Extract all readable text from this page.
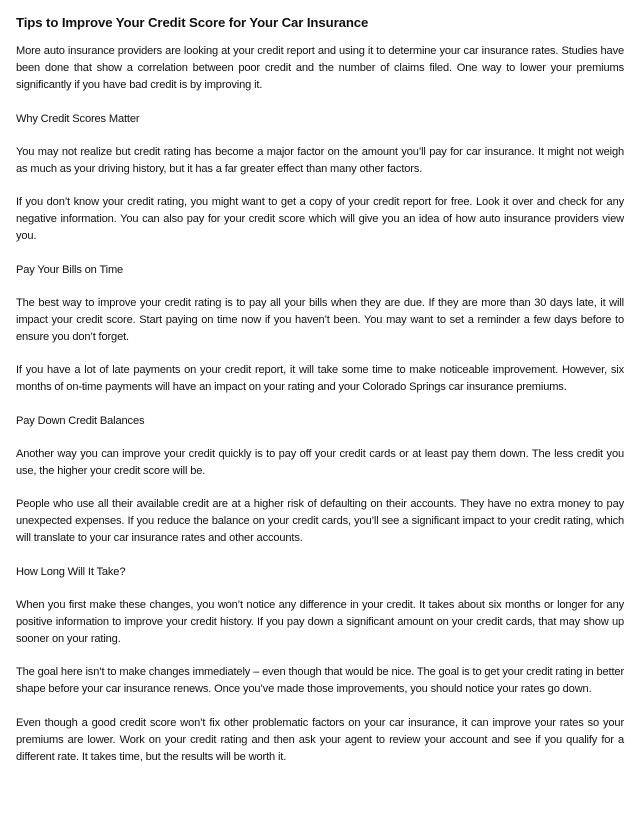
Tips to Improve Your Credit Score for Your Car Insurance

More auto insurance providers are looking at your credit report and using it to determine your car insurance rates. Studies have been done that show a correlation between poor credit and the number of claims filed. One way to lower your premiums significantly if you have bad credit is by improving it.

Why Credit Scores Matter

You may not realize but credit rating has become a major factor on the amount you’ll pay for car insurance. It might not weigh as much as your driving history, but it has a far greater effect than many other factors.

If you don’t know your credit rating, you might want to get a copy of your credit report for free. Look it over and check for any negative information. You can also pay for your credit score which will give you an idea of how auto insurance providers view you.

Pay Your Bills on Time

The best way to improve your credit rating is to pay all your bills when they are due. If they are more than 30 days late, it will impact your credit score. Start paying on time now if you haven’t been. You may want to set a reminder a few days before to ensure you don’t forget.

If you have a lot of late payments on your credit report, it will take some time to make noticeable improvement. However, six months of on-time payments will have an impact on your rating and your Colorado Springs car insurance premiums.

Pay Down Credit Balances

Another way you can improve your credit quickly is to pay off your credit cards or at least pay them down. The less credit you use, the higher your credit score will be.

People who use all their available credit are at a higher risk of defaulting on their accounts. They have no extra money to pay unexpected expenses. If you reduce the balance on your credit cards, you’ll see a significant impact to your credit rating, which will translate to your car insurance rates and other accounts.

How Long Will It Take?

When you first make these changes, you won’t notice any difference in your credit. It takes about six months or longer for any positive information to improve your credit history. If you pay down a significant amount on your credit cards, that may show up sooner on your rating.

The goal here isn’t to make changes immediately – even though that would be nice. The goal is to get your credit rating in better shape before your car insurance renews. Once you’ve made those improvements, you should notice your rates go down.

Even though a good credit score won’t fix other problematic factors on your car insurance, it can improve your rates so your premiums are lower. Work on your credit rating and then ask your agent to review your account and see if you qualify for a different rate. It takes time, but the results will be worth it.
